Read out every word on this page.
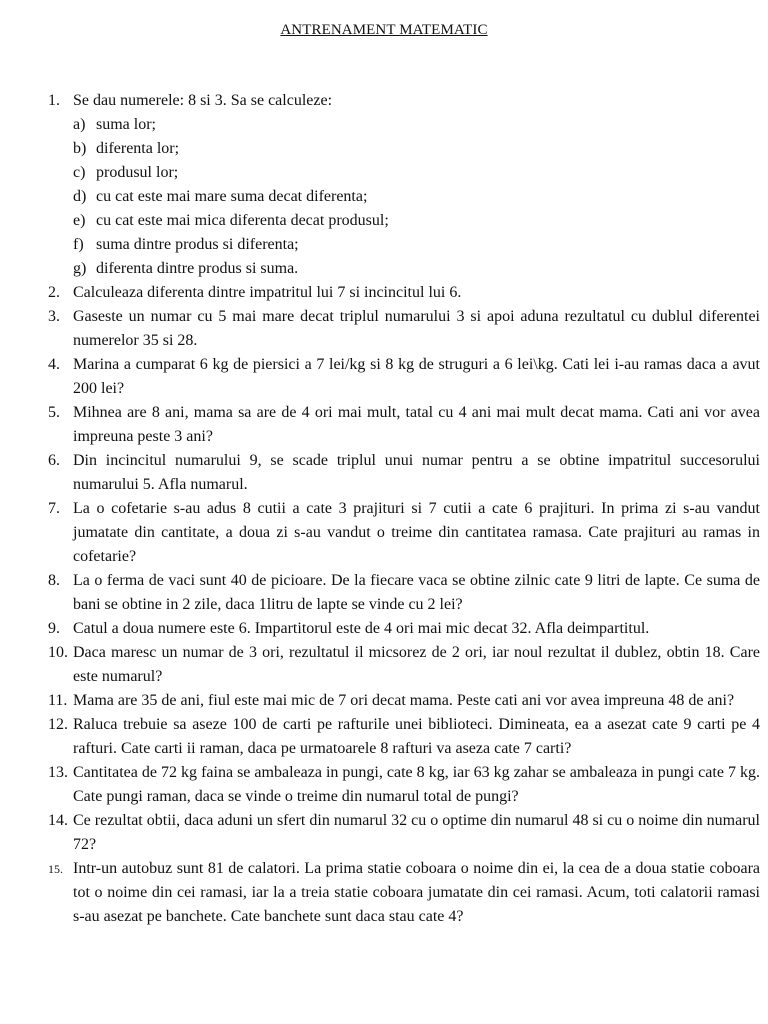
ANTRENAMENT MATEMATIC
1. Se dau numerele: 8 si 3. Sa se calculeze:
a) suma lor;
b) diferenta lor;
c) produsul lor;
d) cu cat este mai mare suma decat diferenta;
e) cu cat este mai mica diferenta decat produsul;
f) suma dintre produs si diferenta;
g) diferenta dintre produs si suma.
2. Calculeaza diferenta dintre impatritul lui 7 si incincitul lui 6.
3. Gaseste un numar cu 5 mai mare decat triplul numarului 3 si apoi aduna rezultatul cu dublul diferentei numerelor 35 si 28.
4. Marina a cumparat 6 kg de piersici a 7 lei/kg si 8 kg de struguri a 6 lei\kg. Cati lei i-au ramas daca a avut 200 lei?
5. Mihnea are 8 ani, mama sa are de 4 ori mai mult, tatal cu 4 ani mai mult decat mama. Cati ani vor avea impreuna peste 3 ani?
6. Din incincitul numarului 9, se scade triplul unui numar pentru a se obtine impatritul succesorului numarului 5. Afla numarul.
7. La o cofetarie s-au adus 8 cutii a cate 3 prajituri si 7 cutii a cate 6 prajituri. In prima zi s-au vandut jumatate din cantitate, a doua zi s-au vandut o treime din cantitatea ramasa. Cate prajituri au ramas in cofetarie?
8. La o ferma de vaci sunt 40 de picioare. De la fiecare vaca se obtine zilnic cate 9 litri de lapte. Ce suma de bani se obtine in 2 zile, daca 1litru de lapte se vinde cu 2 lei?
9. Catul a doua numere este 6. Impartitorul este de 4 ori mai mic decat 32. Afla deimpartitul.
10. Daca maresc un numar de 3 ori, rezultatul il micsorez de 2 ori, iar noul rezultat il dublez, obtin 18. Care este numarul?
11. Mama are 35 de ani, fiul este mai mic de 7 ori decat mama. Peste cati ani vor avea impreuna 48 de ani?
12. Raluca trebuie sa aseze 100 de carti pe rafturile unei biblioteci. Dimineata, ea a asezat cate 9 carti pe 4 rafturi. Cate carti ii raman, daca pe urmatoarele 8 rafturi va aseza cate 7 carti?
13. Cantitatea de 72 kg faina se ambaleaza in pungi, cate 8 kg, iar 63 kg zahar se ambaleaza in pungi cate 7 kg. Cate pungi raman, daca se vinde o treime din numarul total de pungi?
14. Ce rezultat obtii, daca aduni un sfert din numarul 32 cu o optime din numarul 48 si cu o noime din numarul 72?
15. Intr-un autobuz sunt 81 de calatori. La prima statie coboara o noime din ei, la cea de a doua statie coboara tot o noime din cei ramasi, iar la a treia statie coboara jumatate din cei ramasi. Acum, toti calatorii ramasi s-au asezat pe banchete. Cate banchete sunt daca stau cate 4?
